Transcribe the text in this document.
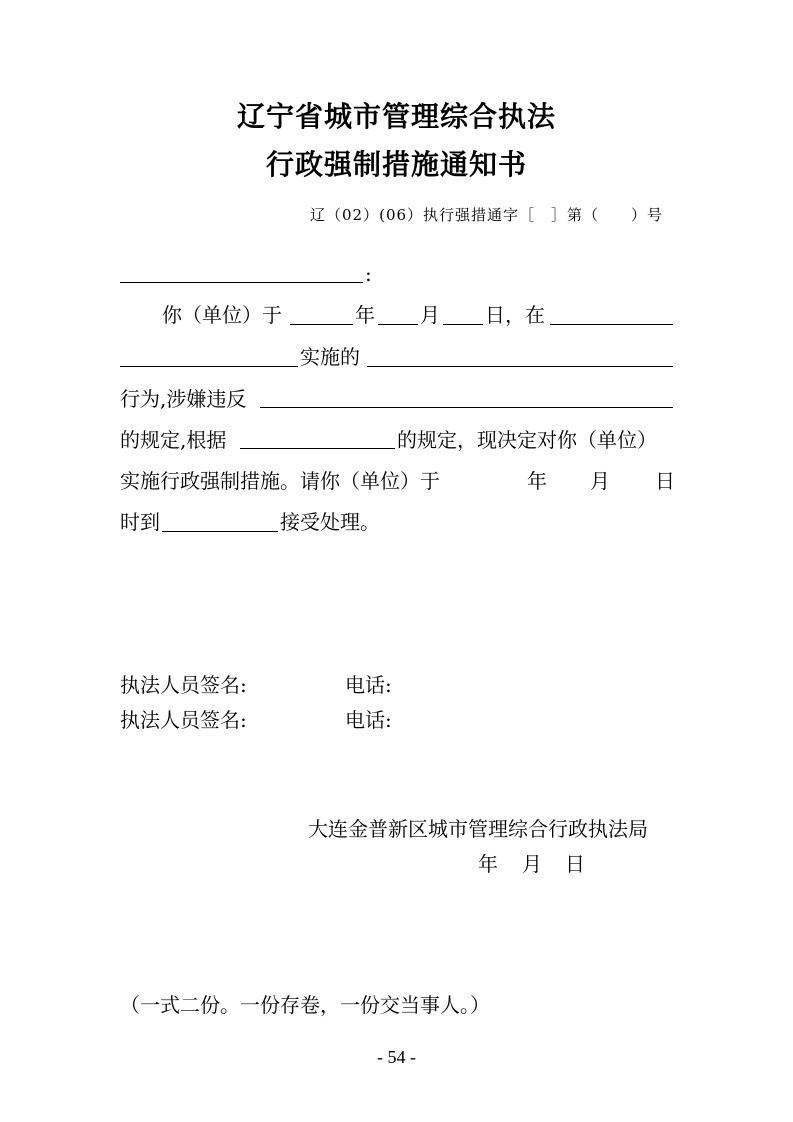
辽宁省城市管理综合执法
行政强制措施通知书
辽（02）(06）执行强措通字［　］第（　　）号
:
你（单位）于	年 月 日，在
实施的
行为,涉嫌违反
的规定,根据	的规定，现决定对你（单位）
实施行政强制措施。请你（单位）于	年 月 日
时到	接受处理。
执法人员签名:	电话:
执法人员签名:	电话:
大连金普新区城市管理综合行政执法局
年 月 日
（一式二份。一份存卷，一份交当事人。）
- 54 -
